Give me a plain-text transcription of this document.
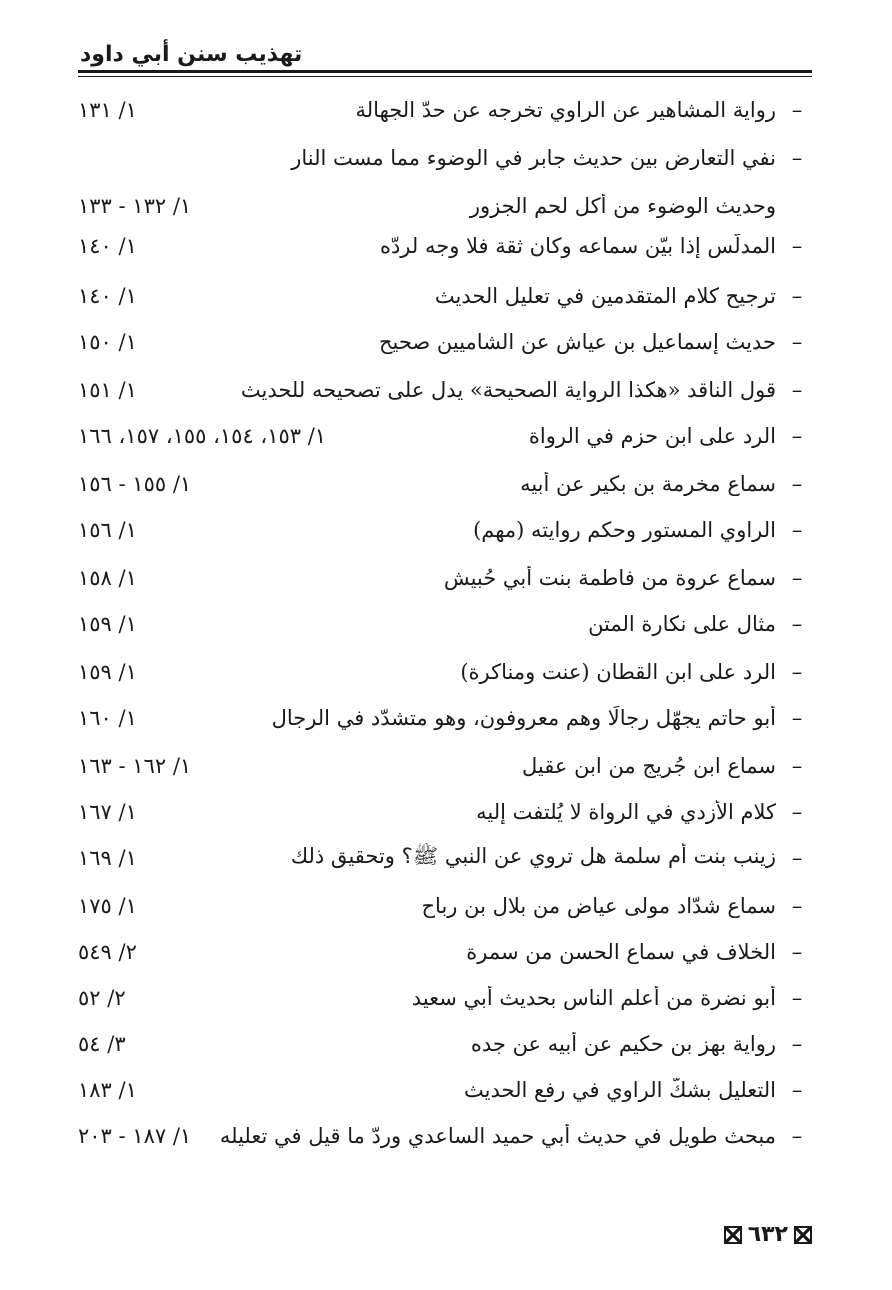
تهذيب سنن أبي داود
–
رواية المشاهير عن الراوي تخرجه عن حدّ الجهالة
١/ ١٣١
–
نفي التعارض بين حديث جابر في الوضوء مما مست النار
وحديث الوضوء من أكل لحم الجزور
١/ ١٣٢ - ١٣٣
–
المدلّس إذا بيّن سماعه وكان ثقة فلا وجه لردّه
١/ ١٤٠
–
ترجيح كلام المتقدمين في تعليل الحديث
١/ ١٤٠
–
حديث إسماعيل بن عياش عن الشاميين صحيح
١/ ١٥٠
–
قول الناقد «هكذا الرواية الصحيحة» يدل على تصحيحه للحديث
١/ ١٥١
–
الرد على ابن حزم في الرواة
١/ ١٥٣، ١٥٤، ١٥٥، ١٥٧، ١٦٦
–
سماع مخرمة بن بكير عن أبيه
١/ ١٥٥ - ١٥٦
–
الراوي المستور وحكم روايته (مهم)
١/ ١٥٦
–
سماع عروة من فاطمة بنت أبي حُبيش
١/ ١٥٨
–
مثال على نكارة المتن
١/ ١٥٩
–
الرد على ابن القطان (عنت ومناكرة)
١/ ١٥٩
–
أبو حاتم يجهّل رجالًا وهم معروفون، وهو متشدّد في الرجال
١/ ١٦٠
–
سماع ابن جُريج من ابن عقيل
١/ ١٦٢ - ١٦٣
–
كلام الأزدي في الرواة لا يُلتفت إليه
١/ ١٦٧
–
زينب بنت أم سلمة هل تروي عن النبي ﷺ؟ وتحقيق ذلك
١/ ١٦٩
–
سماع شدّاد مولى عياض من بلال بن رباح
١/ ١٧٥
–
الخلاف في سماع الحسن من سمرة
٢/ ٥٤٩
–
أبو نضرة من أعلم الناس بحديث أبي سعيد
٢/ ٥٢
–
رواية بهز بن حكيم عن أبيه عن جده
٣/ ٥٤
–
التعليل بشكّ الراوي في رفع الحديث
١/ ١٨٣
–
مبحث طويل في حديث أبي حميد الساعدي وردّ ما قيل في تعليله
١/ ١٨٧ - ٢٠٣
٦٣٢
